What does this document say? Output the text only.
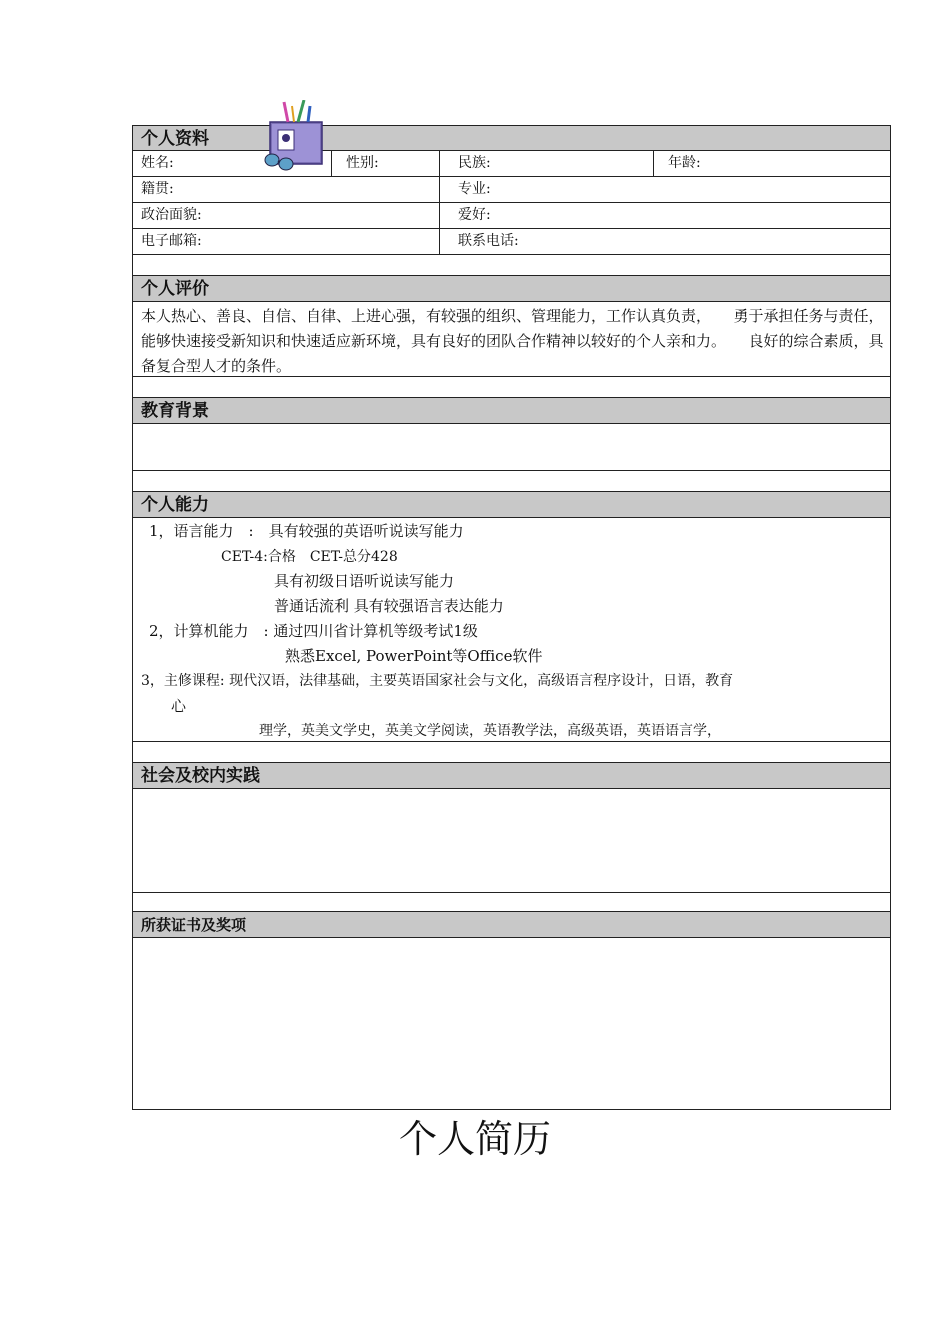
个人资料
姓名:	性别:	民族:	年龄:
籍贯:	专业:
政治面貌:	爱好:
电子邮箱:	联系电话:
个人评价
本人热心、善良、自信、自律、上进心强，有较强的组织、管理能力，工作认真负责，　　勇于承担任务与责任，能够快速接受新知识和快速适应新环境，具有良好的团队合作精神以较好的个人亲和力。　　良好的综合素质，具备复合型人才的条件。
教育背景
个人能力
1，语言能力　:　具有较强的英语听说读写能力
CET-4:合格　CET-总分428
具有初级日语听说读写能力
普通话流利 具有较强语言表达能力
2，计算机能力　: 通过四川省计算机等级考试1级
熟悉Excel, PowerPoint等Office软件
3，主修课程: 现代汉语，法律基础，主要英语国家社会与文化，高级语言程序设计，日语，教育
心
理学，英美文学史，英美文学阅读，英语教学法，高级英语，英语语言学，
社会及校内实践
所获证书及奖项
个人简历
